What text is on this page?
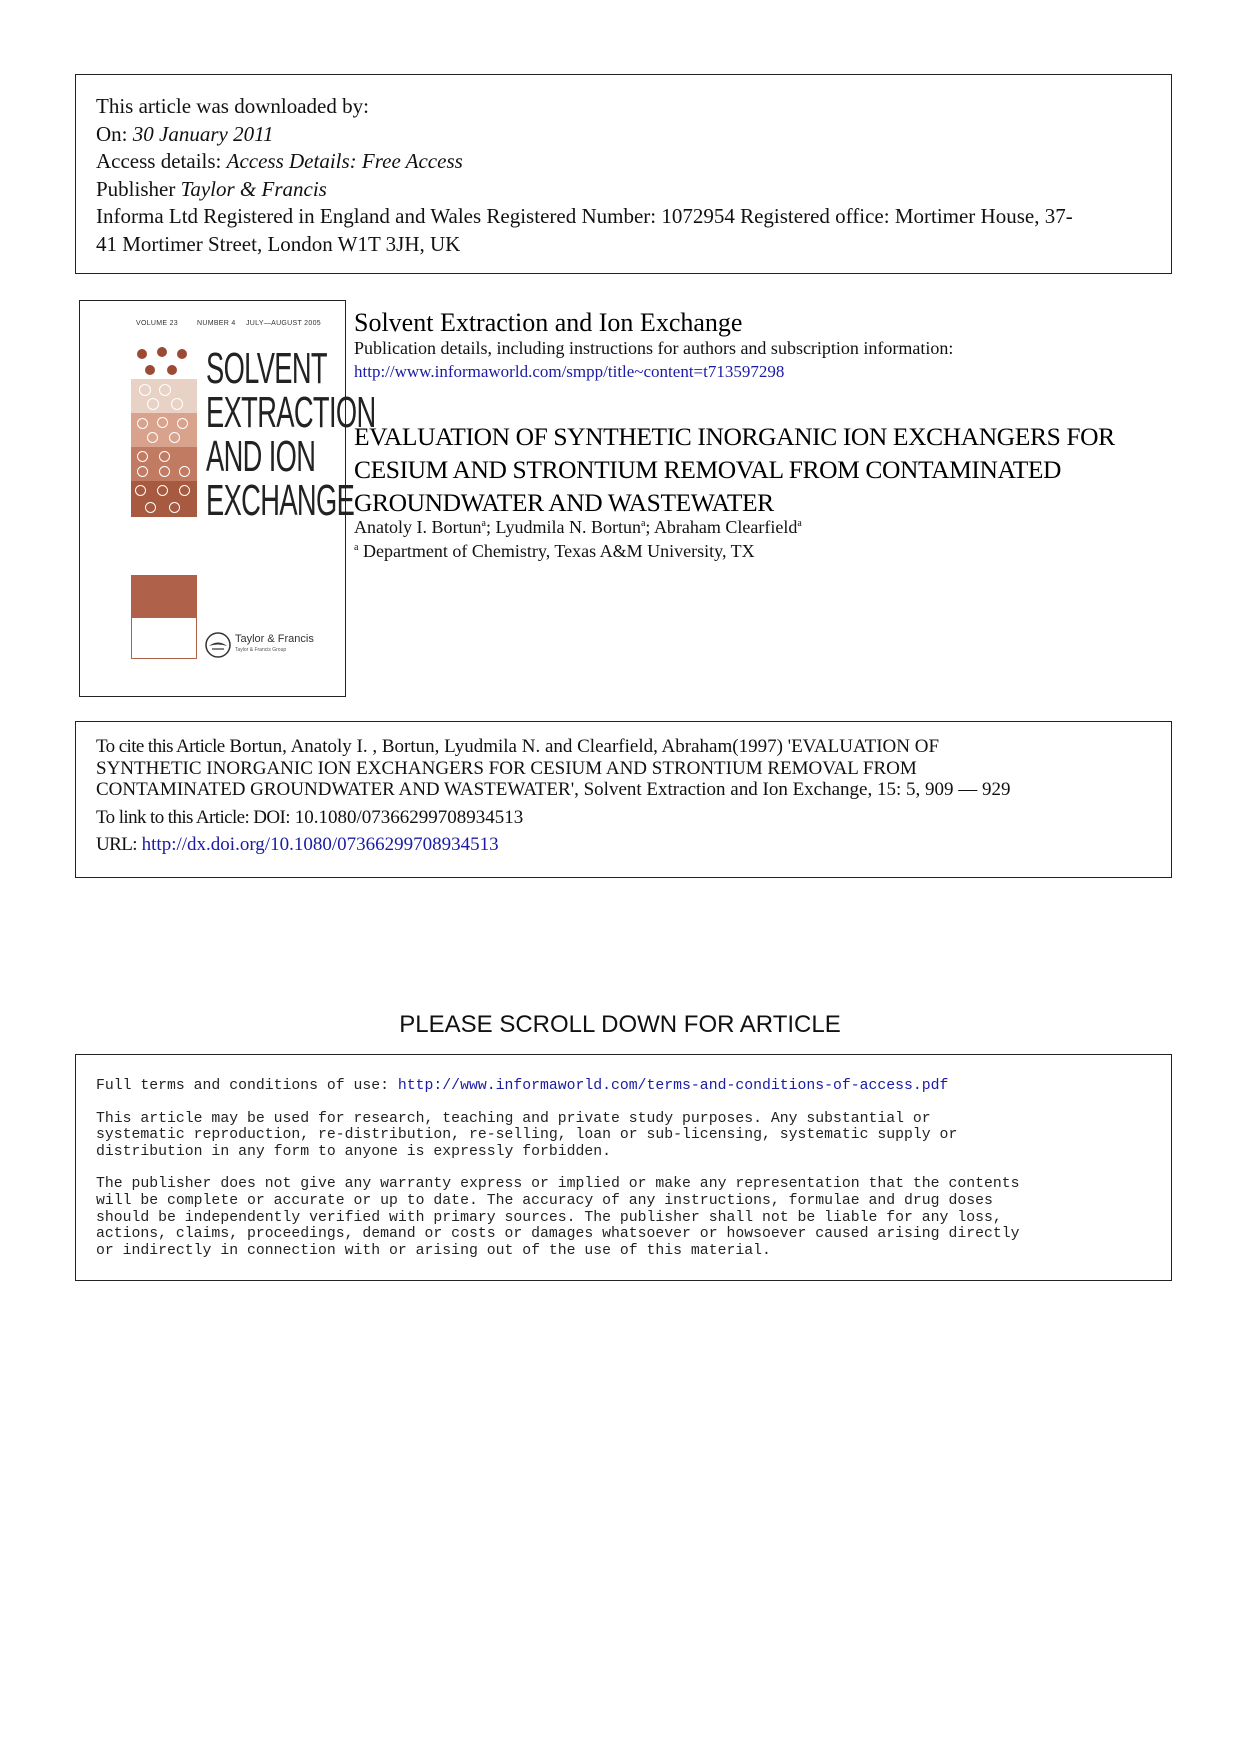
This article was downloaded by:
On: 30 January 2011
Access details: Access Details: Free Access
Publisher Taylor & Francis
Informa Ltd Registered in England and Wales Registered Number: 1072954 Registered office: Mortimer House, 37-
41 Mortimer Street, London W1T 3JH, UK
VOLUME 23	NUMBER 4 JULY—AUGUST 2005
SOLVENT
EXTRACTION
AND ION
EXCHANGE
Taylor & Francis
Taylor & Francis Group
Solvent Extraction and Ion Exchange
Publication details, including instructions for authors and subscription information:
http://www.informaworld.com/smpp/title~content=t713597298
EVALUATION OF SYNTHETIC INORGANIC ION EXCHANGERS FOR
CESIUM AND STRONTIUM REMOVAL FROM CONTAMINATED
GROUNDWATER AND WASTEWATER
Anatoly I. Bortun$^a$; Lyudmila N. Bortun$^a$; Abraham Clearfield$^a$
$^a$ Department of Chemistry, Texas A&M University, TX
To cite this Article Bortun, Anatoly I. , Bortun, Lyudmila N. and Clearfield, Abraham(1997) 'EVALUATION OF
SYNTHETIC INORGANIC ION EXCHANGERS FOR CESIUM AND STRONTIUM REMOVAL FROM
CONTAMINATED GROUNDWATER AND WASTEWATER', Solvent Extraction and Ion Exchange, 15: 5, 909 — 929
To link to this Article: DOI: 10.1080/07366299708934513
URL: http://dx.doi.org/10.1080/07366299708934513
PLEASE SCROLL DOWN FOR ARTICLE
Full terms and conditions of use: http://www.informaworld.com/terms-and-conditions-of-access.pdf
This article may be used for research, teaching and private study purposes. Any substantial or
systematic reproduction, re-distribution, re-selling, loan or sub-licensing, systematic supply or
distribution in any form to anyone is expressly forbidden.
The publisher does not give any warranty express or implied or make any representation that the contents
will be complete or accurate or up to date. The accuracy of any instructions, formulae and drug doses
should be independently verified with primary sources. The publisher shall not be liable for any loss,
actions, claims, proceedings, demand or costs or damages whatsoever or howsoever caused arising directly
or indirectly in connection with or arising out of the use of this material.
